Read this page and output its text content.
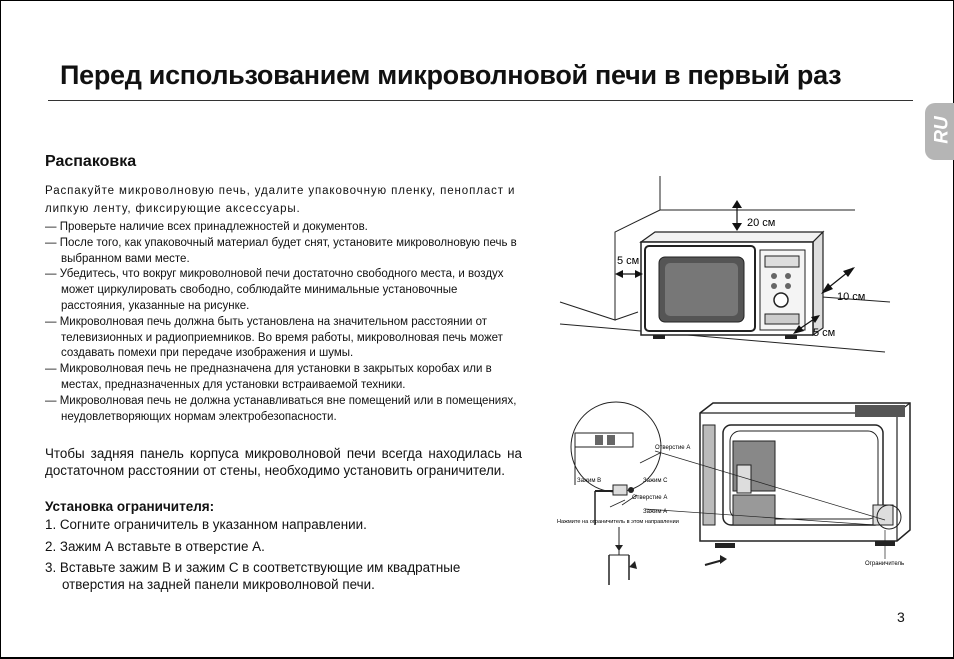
Перед использованием микроволновой печи в первый раз
RU
Распаковка
Распакуйте микроволновую печь, удалите упаковочную пленку, пенопласт и липкую ленту, фиксирующие аксессуары.
— Проверьте наличие всех принадлежностей и документов.
— После того, как упаковочный материал будет снят, установите микроволновую печь в выбранном вами месте.
— Убедитесь, что вокруг микроволновой печи достаточно свободного места, и воздух может циркулировать свободно, соблюдайте минимальные установочные расстояния, указанные на рисунке.
— Микроволновая печь должна быть установлена на значительном расстоянии от телевизионных и радиоприемников. Во время работы, микроволновая печь может создавать помехи при передаче изображения и шумы.
— Микроволновая печь не предназначена для установки в закрытых коробах или в местах, предназначенных для установки встраиваемой техники.
— Микроволновая печь не должна устанавливаться вне помещений или в помещениях, неудовлетворяющих нормам электробезопасности.
Чтобы задняя панель корпуса микроволновой печи всегда находилась на достаточном расстоянии от стены, необходимо установить ограничители.
Установка ограничителя:
1. Согните ограничитель в указанном направлении.
2. Зажим А вставьте в отверстие А.
3. Вставьте зажим В и зажим С в соответствующие им квадратные отверстия на задней панели микроволновой печи.
20 см
5 см
10 см
5 см
Отверстие А
Зажим В	Зажим С
Отверстие А
Зажим А
Нажмите на ограничитель в этом направлении
Ограничитель
3
